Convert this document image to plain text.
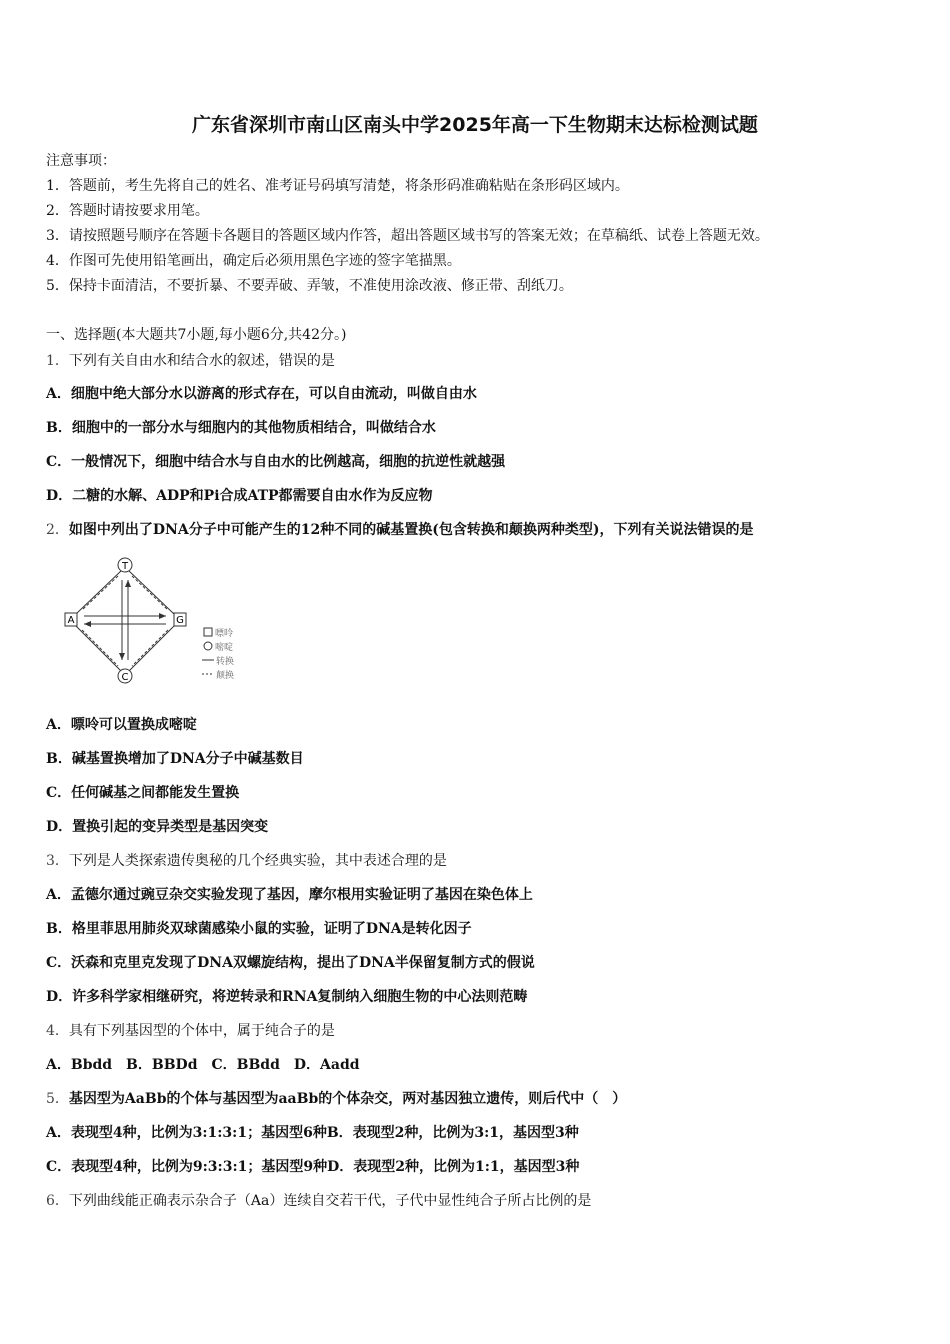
广东省深圳市南山区南头中学2025年高一下生物期末达标检测试题
注意事项：
1．答题前，考生先将自己的姓名、准考证号码填写清楚，将条形码准确粘贴在条形码区域内。
2．答题时请按要求用笔。
3．请按照题号顺序在答题卡各题目的答题区域内作答，超出答题区域书写的答案无效；在草稿纸、试卷上答题无效。
4．作图可先使用铅笔画出，确定后必须用黑色字迹的签字笔描黑。
5．保持卡面清洁，不要折暴、不要弄破、弄皱，不准使用涂改液、修正带、刮纸刀。
一、选择题(本大题共7小题,每小题6分,共42分。)
1．下列有关自由水和结合水的叙述，错误的是
A．细胞中绝大部分水以游离的形式存在，可以自由流动，叫做自由水
B．细胞中的一部分水与细胞内的其他物质相结合，叫做结合水
C．一般情况下，细胞中结合水与自由水的比例越高，细胞的抗逆性就越强
D．二糖的水解、ADP和Pi合成ATP都需要自由水作为反应物
2．如图中列出了DNA分子中可能产生的12种不同的碱基置换(包含转换和颠换两种类型)，下列有关说法错误的是
T
A	G
C
嘌呤
嘧啶
转换
颠换
A．嘌呤可以置换成嘧啶
B．碱基置换增加了DNA分子中碱基数目
C．任何碱基之间都能发生置换
D．置换引起的变异类型是基因突变
3．下列是人类探索遗传奥秘的几个经典实验，其中表述合理的是
A．孟德尔通过豌豆杂交实验发现了基因，摩尔根用实验证明了基因在染色体上
B．格里菲思用肺炎双球菌感染小鼠的实验，证明了DNA是转化因子
C．沃森和克里克发现了DNA双螺旋结构，提出了DNA半保留复制方式的假说
D．许多科学家相继研究，将逆转录和RNA复制纳入细胞生物的中心法则范畴
4．具有下列基因型的个体中，属于纯合子的是
A．Bbdd　B．BBDd　C．BBdd　D．Aadd
5．基因型为AaBb的个体与基因型为aaBb的个体杂交，两对基因独立遗传，则后代中（　）
A．表现型4种，比例为3:1:3:1；基因型6种B．表现型2种，比例为3:1，基因型3种
C．表现型4种，比例为9:3:3:1；基因型9种D．表现型2种，比例为1:1，基因型3种
6．下列曲线能正确表示杂合子（Aa）连续自交若干代，子代中显性纯合子所占比例的是
